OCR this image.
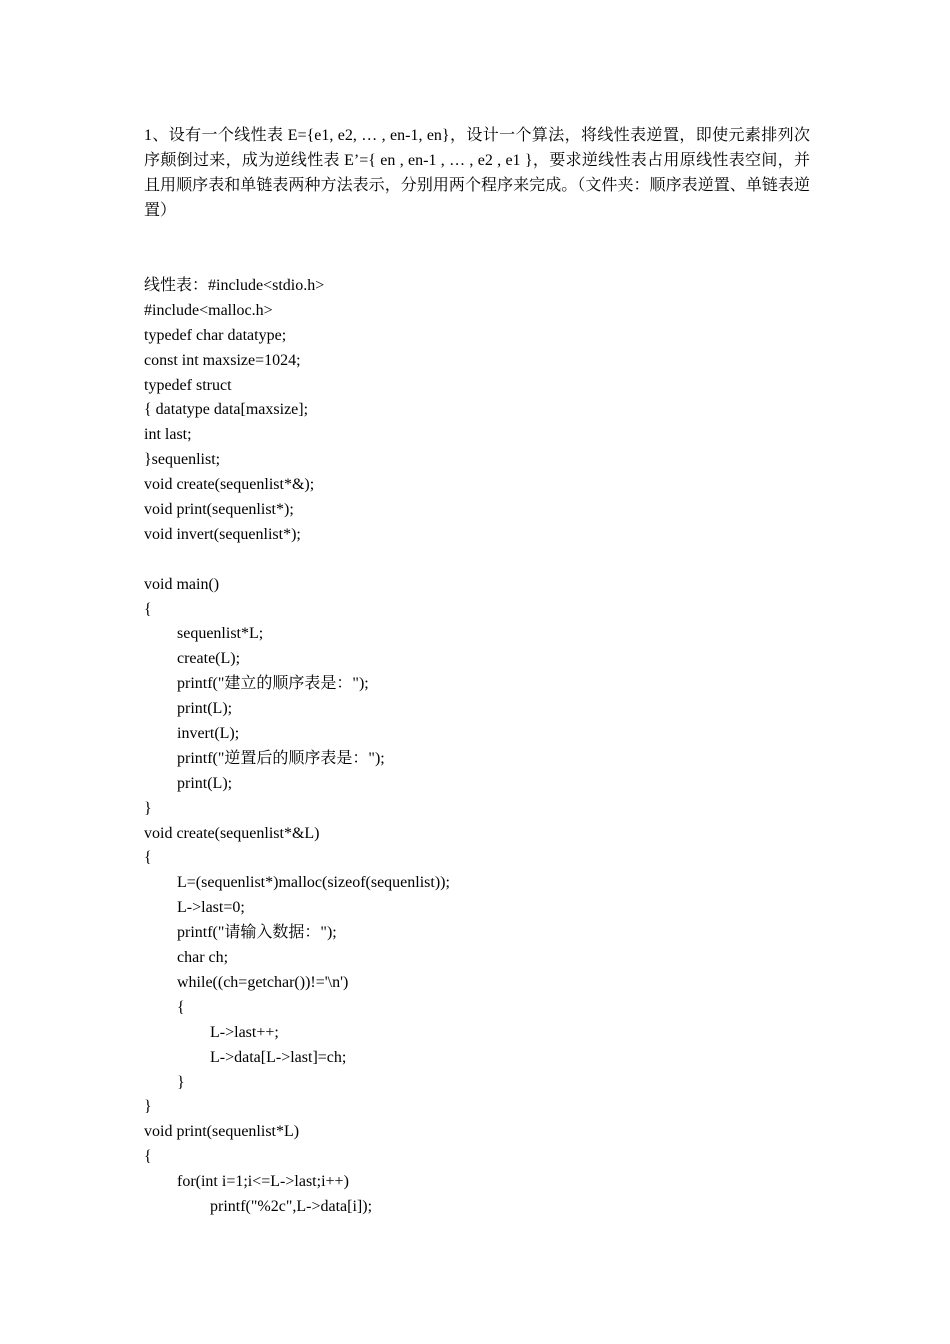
1、设有一个线性表 E={e1, e2, … , en-1, en}，设计一个算法，将线性表逆置，即使元素排列次序颠倒过来，成为逆线性表 E’={ en , en-1 , … , e2 , e1 }，要求逆线性表占用原线性表空间，并且用顺序表和单链表两种方法表示，分别用两个程序来完成。（文件夹：顺序表逆置、单链表逆置）

线性表：#include<stdio.h>
#include<malloc.h>
typedef char datatype;
const int maxsize=1024;
typedef struct
{ datatype data[maxsize];
int last;
}sequenlist;
void create(sequenlist*&);
void print(sequenlist*);
void invert(sequenlist*);
void main()
{
sequenlist*L;
create(L);
printf("建立的顺序表是：");
print(L);
invert(L);
printf("逆置后的顺序表是：");
print(L);
}
void create(sequenlist*&L)
{
L=(sequenlist*)malloc(sizeof(sequenlist));
L->last=0;
printf("请输入数据：");
char ch;
while((ch=getchar())!='\n')
{
L->last++;
L->data[L->last]=ch;
}
}
void print(sequenlist*L)
{
for(int i=1;i<=L->last;i++)
printf("%2c",L->data[i]);
